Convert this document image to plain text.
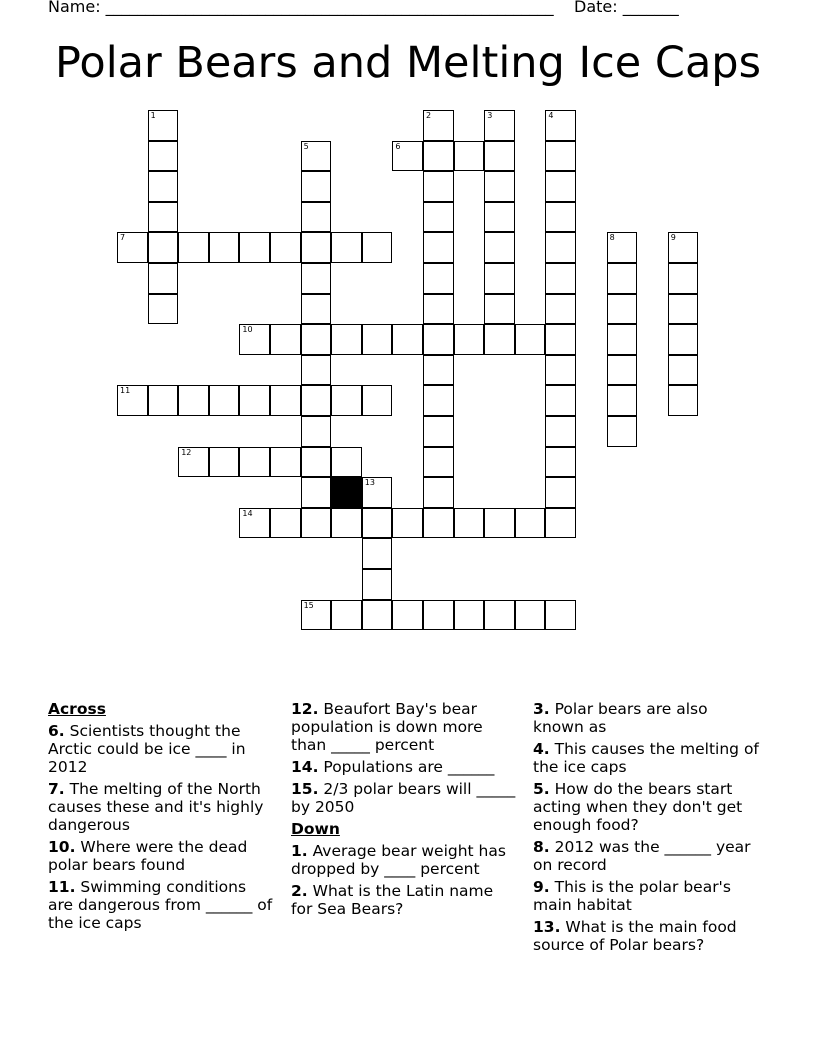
Name: ________________________________________________________    Date: _______
Polar Bears and Melting Ice Caps
1	2	3	4
5	6
7	8	9
10
11
12
13
14
15
Across
6. Scientists thought the Arctic could be ice ____ in 2012
7. The melting of the North causes these and it's highly dangerous
10. Where were the dead polar bears found
11. Swimming conditions are dangerous from ______ of the ice caps
12. Beaufort Bay's bear population is down more than _____ percent
14. Populations are ______
15. 2/3 polar bears will _____ by 2050
Down
1. Average bear weight has dropped by ____ percent
2. What is the Latin name for Sea Bears?
3. Polar bears are also known as
4. This causes the melting of the ice caps
5. How do the bears start acting when they don't get enough food?
8. 2012 was the ______ year on record
9. This is the polar bear's main habitat
13. What is the main food source of Polar bears?
